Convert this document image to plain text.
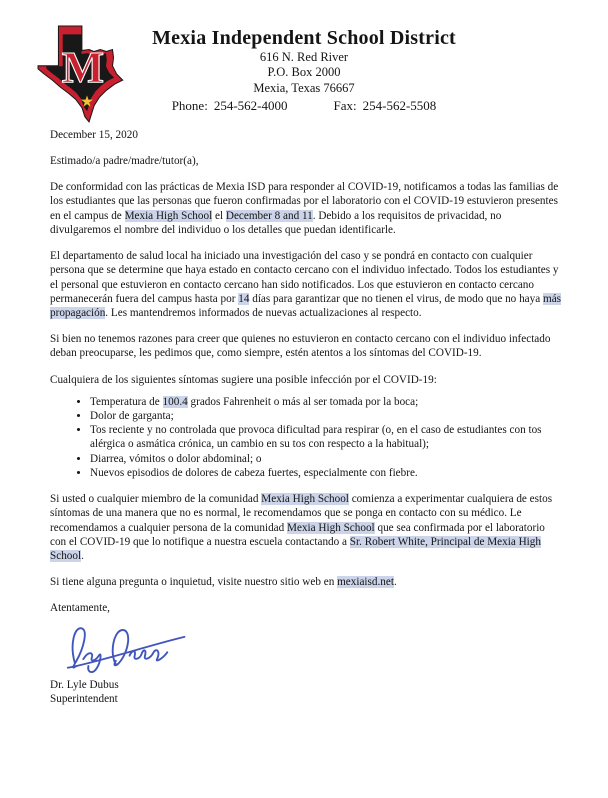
M
Mexia Independent School District
616 N. Red River
P.O. Box 2000
Mexia, Texas 76667
Phone: 254-562-4000	Fax: 254-562-5508

December 15, 2020

Estimado/a padre/madre/tutor(a),

De conformidad con las prácticas de Mexia ISD para responder al COVID-19, notificamos a todas las familias de los estudiantes que las personas que fueron confirmadas por el laboratorio con el COVID-19 estuvieron presentes en el campus de Mexia High School el December 8 and 11. Debido a los requisitos de privacidad, no divulgaremos el nombre del individuo o los detalles que puedan identificarle.

El departamento de salud local ha iniciado una investigación del caso y se pondrá en contacto con cualquier persona que se determine que haya estado en contacto cercano con el individuo infectado. Todos los estudiantes y el personal que estuvieron en contacto cercano han sido notificados. Los que estuvieron en contacto cercano permanecerán fuera del campus hasta por 14 días para garantizar que no tienen el virus, de modo que no haya más propagación. Les mantendremos informados de nuevas actualizaciones al respecto.

Si bien no tenemos razones para creer que quienes no estuvieron en contacto cercano con el individuo infectado deban preocuparse, les pedimos que, como siempre, estén atentos a los síntomas del COVID-19.

Cualquiera de los siguientes síntomas sugiere una posible infección por el COVID-19:

• Temperatura de 100.4 grados Fahrenheit o más al ser tomada por la boca;
• Dolor de garganta;
• Tos reciente y no controlada que provoca dificultad para respirar (o, en el caso de estudiantes con tos alérgica o asmática crónica, un cambio en su tos con respecto a la habitual);
• Diarrea, vómitos o dolor abdominal; o
• Nuevos episodios de dolores de cabeza fuertes, especialmente con fiebre.

Si usted o cualquier miembro de la comunidad Mexia High School comienza a experimentar cualquiera de estos síntomas de una manera que no es normal, le recomendamos que se ponga en contacto con su médico. Le recomendamos a cualquier persona de la comunidad Mexia High School que sea confirmada por el laboratorio con el COVID-19 que lo notifique a nuestra escuela contactando a Sr. Robert White, Principal de Mexia High School.

Si tiene alguna pregunta o inquietud, visite nuestro sitio web en mexiaisd.net.

Atentamente,

Dr. Lyle Dubus
Superintendent
